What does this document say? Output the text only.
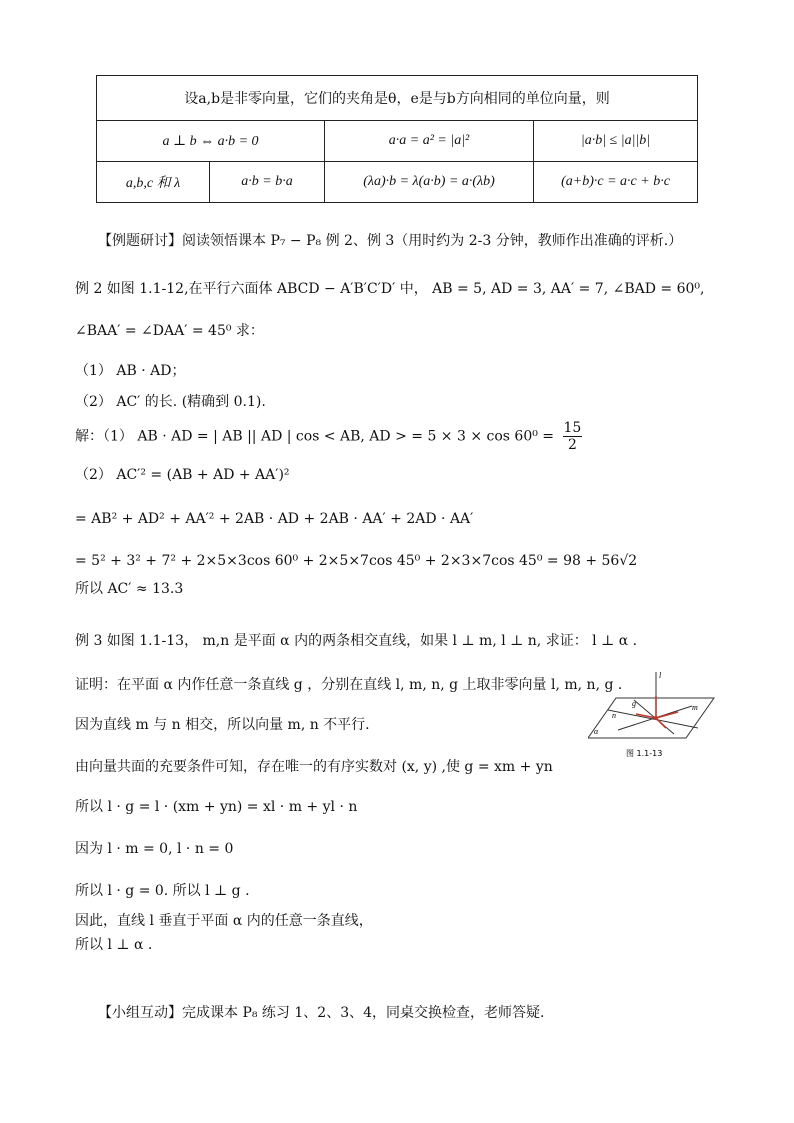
设a,b是非零向量，它们的夹角是θ，e是与b方向相同的单位向量，则			
a ⊥ b ⇔ a·b = 0		a·a = a² = |a|²	|a·b| ≤ |a||b|
a,b,c 和 λ	a·b = b·a	(λa)·b = λ(a·b) = a·(λb)	(a+b)·c = a·c + b·c
【例题研讨】阅读领悟课本 P₇ − P₈ 例 2、例 3（用时约为 2-3 分钟，教师作出准确的评析.）
例 2 如图 1.1-12,在平行六面体 ABCD − A′B′C′D′ 中， AB = 5, AD = 3, AA′ = 7, ∠BAD = 60⁰,
∠BAA′ = ∠DAA′ = 45⁰ 求：
（1） AB · AD；
（2） AC′ 的长. (精确到 0.1).
解：（1） AB · AD = | AB || AD | cos < AB, AD > = $5 \times 3 \times \cos 60^0 = \frac{15}{2}$
（2） AC′² = (AB + AD + AA′)²
= AB² + AD² + AA′² + 2AB · AD + 2AB · AA′ + 2AD · AA′
= 5² + 3² + 7² + 2×5×3cos 60⁰ + 2×5×7cos 45⁰ + 2×3×7cos 45⁰ = 98 + 56√2
所以 AC′ ≈ 13.3
例 3 如图 1.1-13， m,n 是平面 α 内的两条相交直线，如果 l ⊥ m, l ⊥ n, 求证： l ⊥ α .
证明：在平面 α 内作任意一条直线 g ，分别在直线 l, m, n, g 上取非零向量 l, m, n, g .
因为直线 m 与 n 相交，所以向量 m, n 不平行.
由向量共面的充要条件可知，存在唯一的有序实数对 (x, y) ,使 g = xm + yn
所以 l · g = l · (xm + yn) = xl · m + yl · n
因为 l · m = 0, l · n = 0
所以 l · g = 0. 所以 l ⊥ g .
因此，直线 l 垂直于平面 α 内的任意一条直线，
所以 l ⊥ α .
【小组互动】完成课本 P₈ 练习 1、2、3、4，同桌交换检查，老师答疑.
l
m
n
g
α
图 1.1-13
